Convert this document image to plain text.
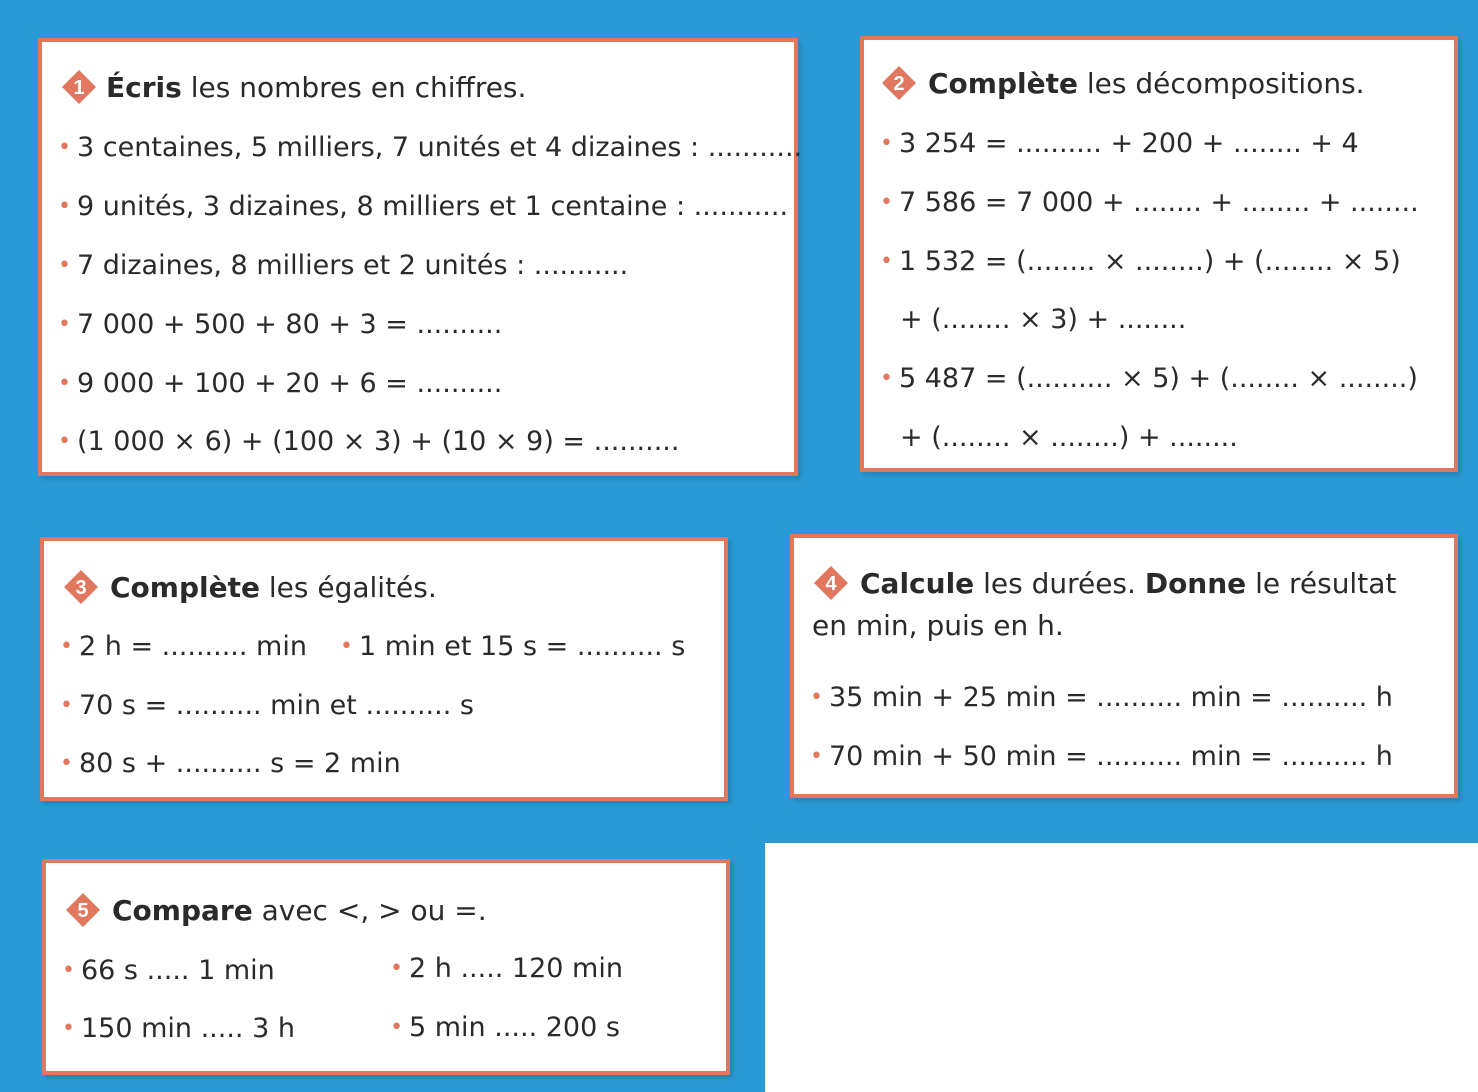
1 Écris les nombres en chiffres.
• 3 centaines, 5 milliers, 7 unités et 4 dizaines : ...........
• 9 unités, 3 dizaines, 8 milliers et 1 centaine : ...........
• 7 dizaines, 8 milliers et 2 unités : ...........
• 7 000 + 500 + 80 + 3 = ..........
• 9 000 + 100 + 20 + 6 = ..........
• (1 000 × 6) + (100 × 3) + (10 × 9) = ..........
2 Complète les décompositions.
• 3 254 = .......... + 200 + ........ + 4
• 7 586 = 7 000 + ........ + ........ + ........
• 1 532 = (........ × ........) + (........ × 5)
+ (........ × 3) + ........
• 5 487 = (.......... × 5) + (........ × ........)
+ (........ × ........) + ........
3 Complète les égalités.
• 2 h = .......... min • 1 min et 15 s = .......... s
• 70 s = .......... min et .......... s
• 80 s + .......... s = 2 min
4 Calcule les durées. Donne le résultat
en min, puis en h.
• 35 min + 25 min = .......... min = .......... h
• 70 min + 50 min = .......... min = .......... h
5 Compare avec <, > ou =.
• 66 s ..... 1 min	• 2 h ..... 120 min
• 150 min ..... 3 h	• 5 min ..... 200 s
